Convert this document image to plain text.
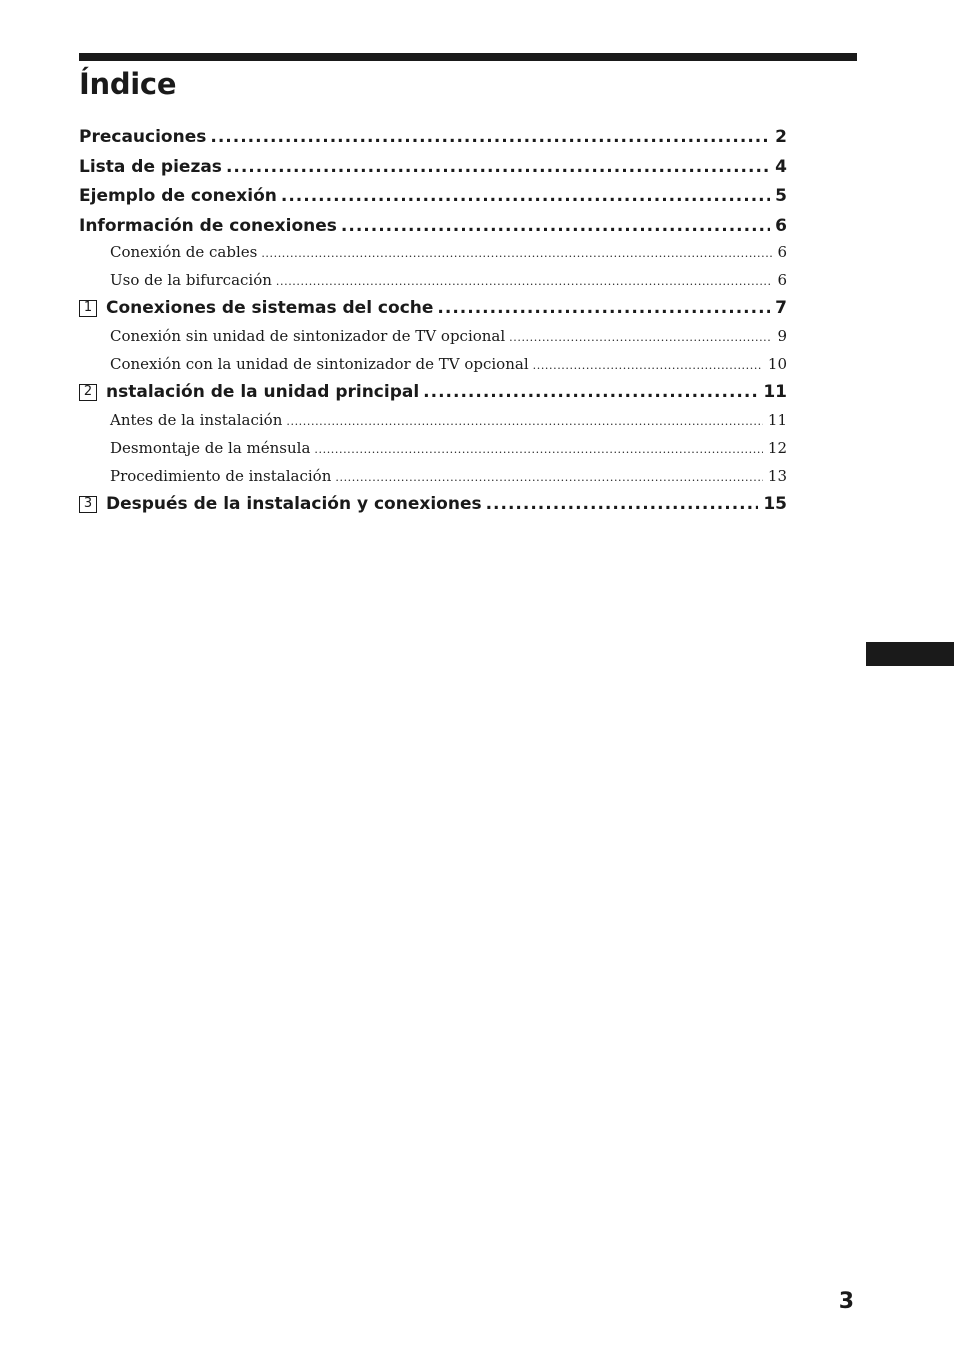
Índice
Precauciones .....	2
Lista de piezas .....	4
Ejemplo de conexión .....	5
Información de conexiones .....	6
Conexión de cables .....	6
Uso de la bifurcación .....	6
1 Conexiones de sistemas del coche .....	7
Conexión sin unidad de sintonizador de TV opcional .....	9
Conexión con la unidad de sintonizador de TV opcional .....	10
2 nstalación de la unidad principal .....	11
Antes de la instalación .....	11
Desmontaje de la ménsula .....	12
Procedimiento de instalación .....	13
3 Después de la instalación y conexiones .....	15
3
